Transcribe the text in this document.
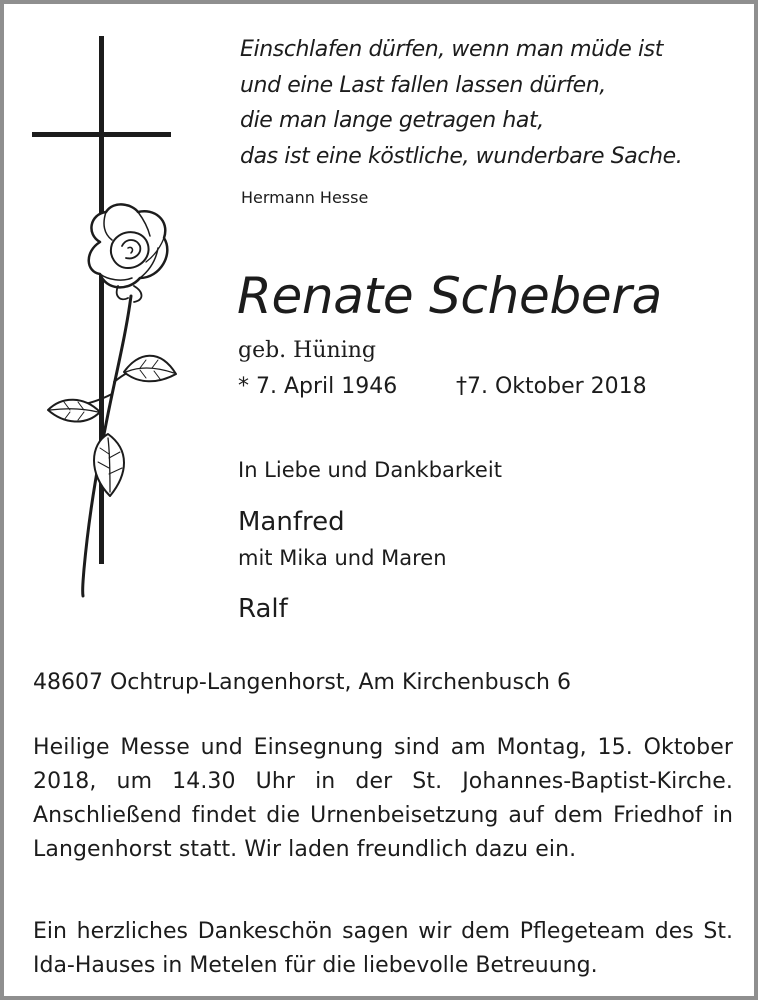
Einschlafen dürfen, wenn man müde ist
und eine Last fallen lassen dürfen,
die man lange getragen hat,
das ist eine köstliche, wunderbare Sache.
Hermann Hesse
Renate Schebera
geb. Hüning
* 7. April 1946	†7. Oktober 2018
In Liebe und Dankbarkeit
Manfred
mit Mika und Maren
Ralf
48607 Ochtrup-Langenhorst, Am Kirchenbusch 6

Heilige Messe und Einsegnung sind am Montag, 15. Oktober 2018, um 14.30 Uhr in der St. Johannes-Baptist-Kirche. Anschließend findet die Urnenbeisetzung auf dem Friedhof in Langenhorst statt. Wir laden freundlich dazu ein.

Ein herzliches Dankeschön sagen wir dem Pflegeteam des St. Ida-Hauses in Metelen für die liebevolle Betreuung.
